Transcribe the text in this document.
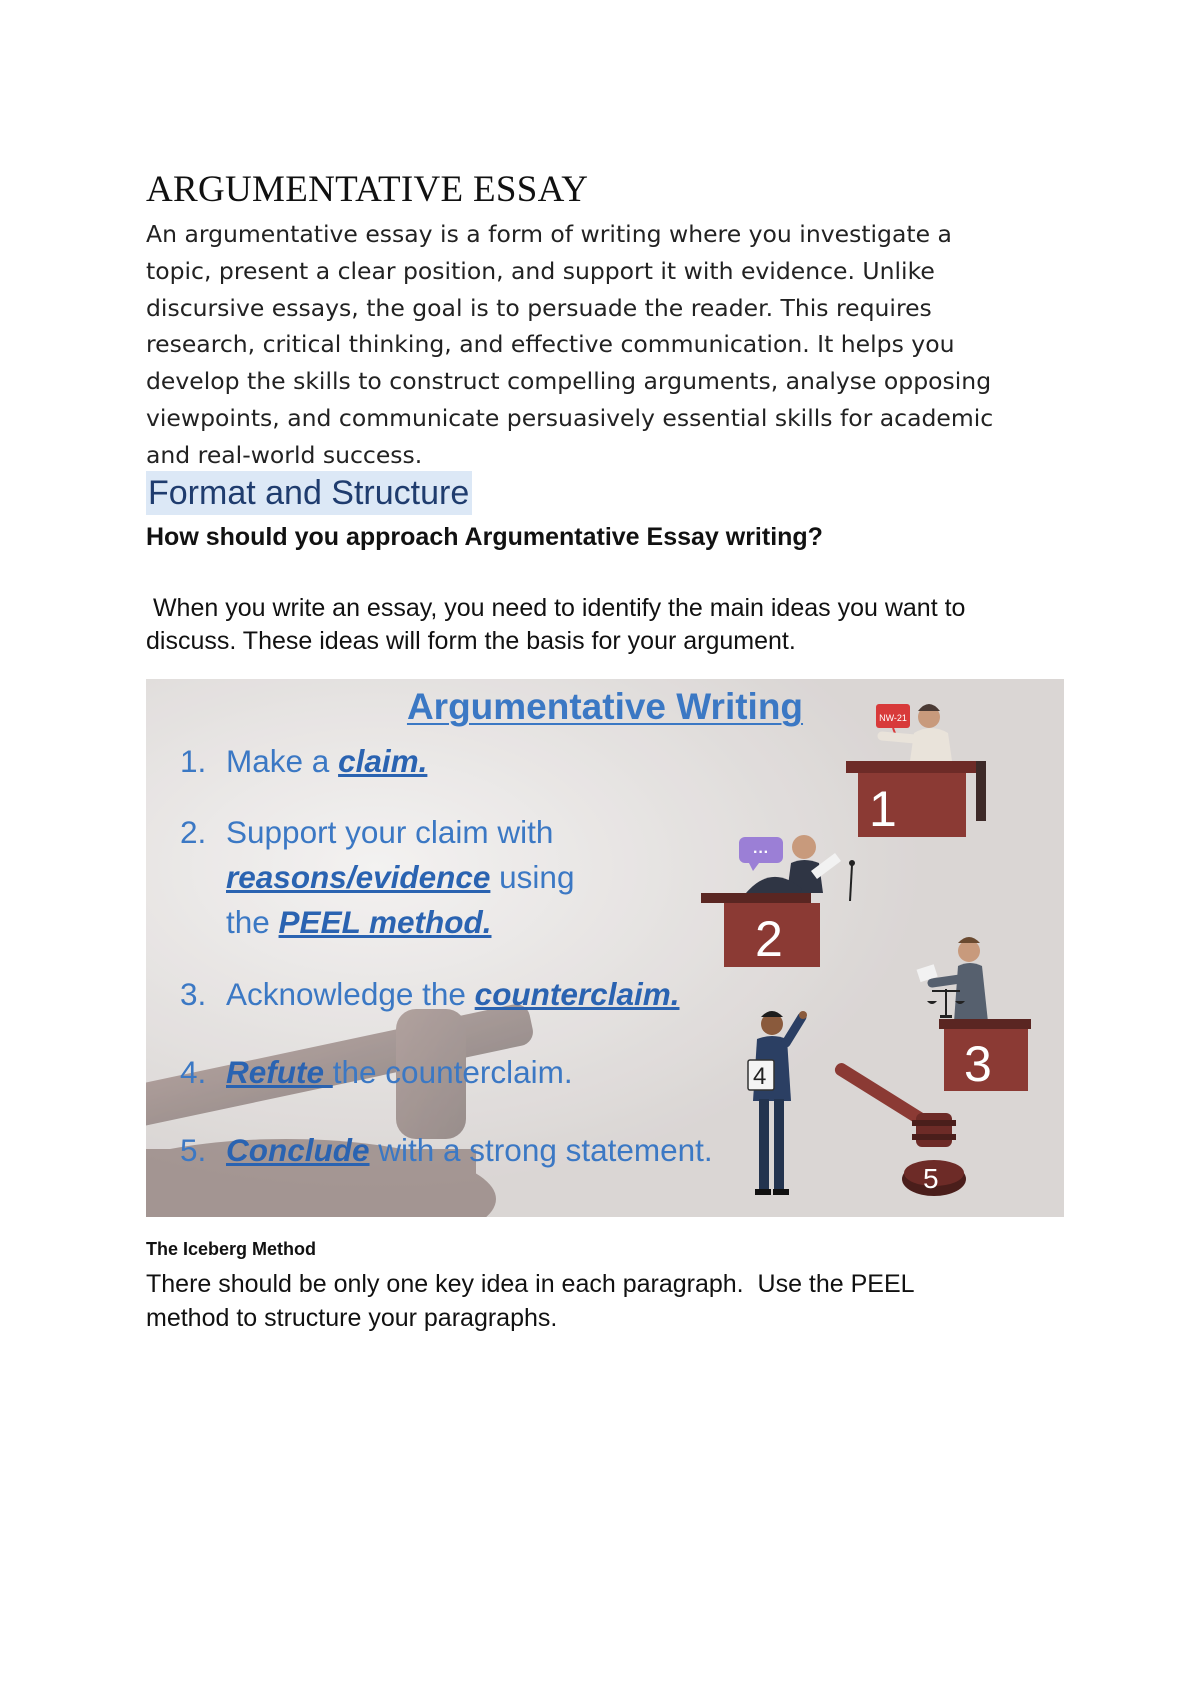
ARGUMENTATIVE ESSAY
An argumentative essay is a form of writing where you investigate a
topic, present a clear position, and support it with evidence. Unlike
discursive essays, the goal is to persuade the reader. This requires
research, critical thinking, and effective communication. It helps you
develop the skills to construct compelling arguments, analyse opposing
viewpoints, and communicate persuasively essential skills for academic
and real-world success.
Format and Structure
How should you approach Argumentative Essay writing?
When you write an essay, you need to identify the main ideas you want to
discuss. These ideas will form the basis for your argument.
Argumentative Writing
1. Make a claim.
2. Support your claim with
reasons/evidence using
the PEEL method.
3. Acknowledge the counterclaim.
4. Refute the counterclaim.
5. Conclude with a strong statement.
NW-21
1
···
2
3
4
5
The Iceberg Method
There should be only one key idea in each paragraph.  Use the PEEL
method to structure your paragraphs.
